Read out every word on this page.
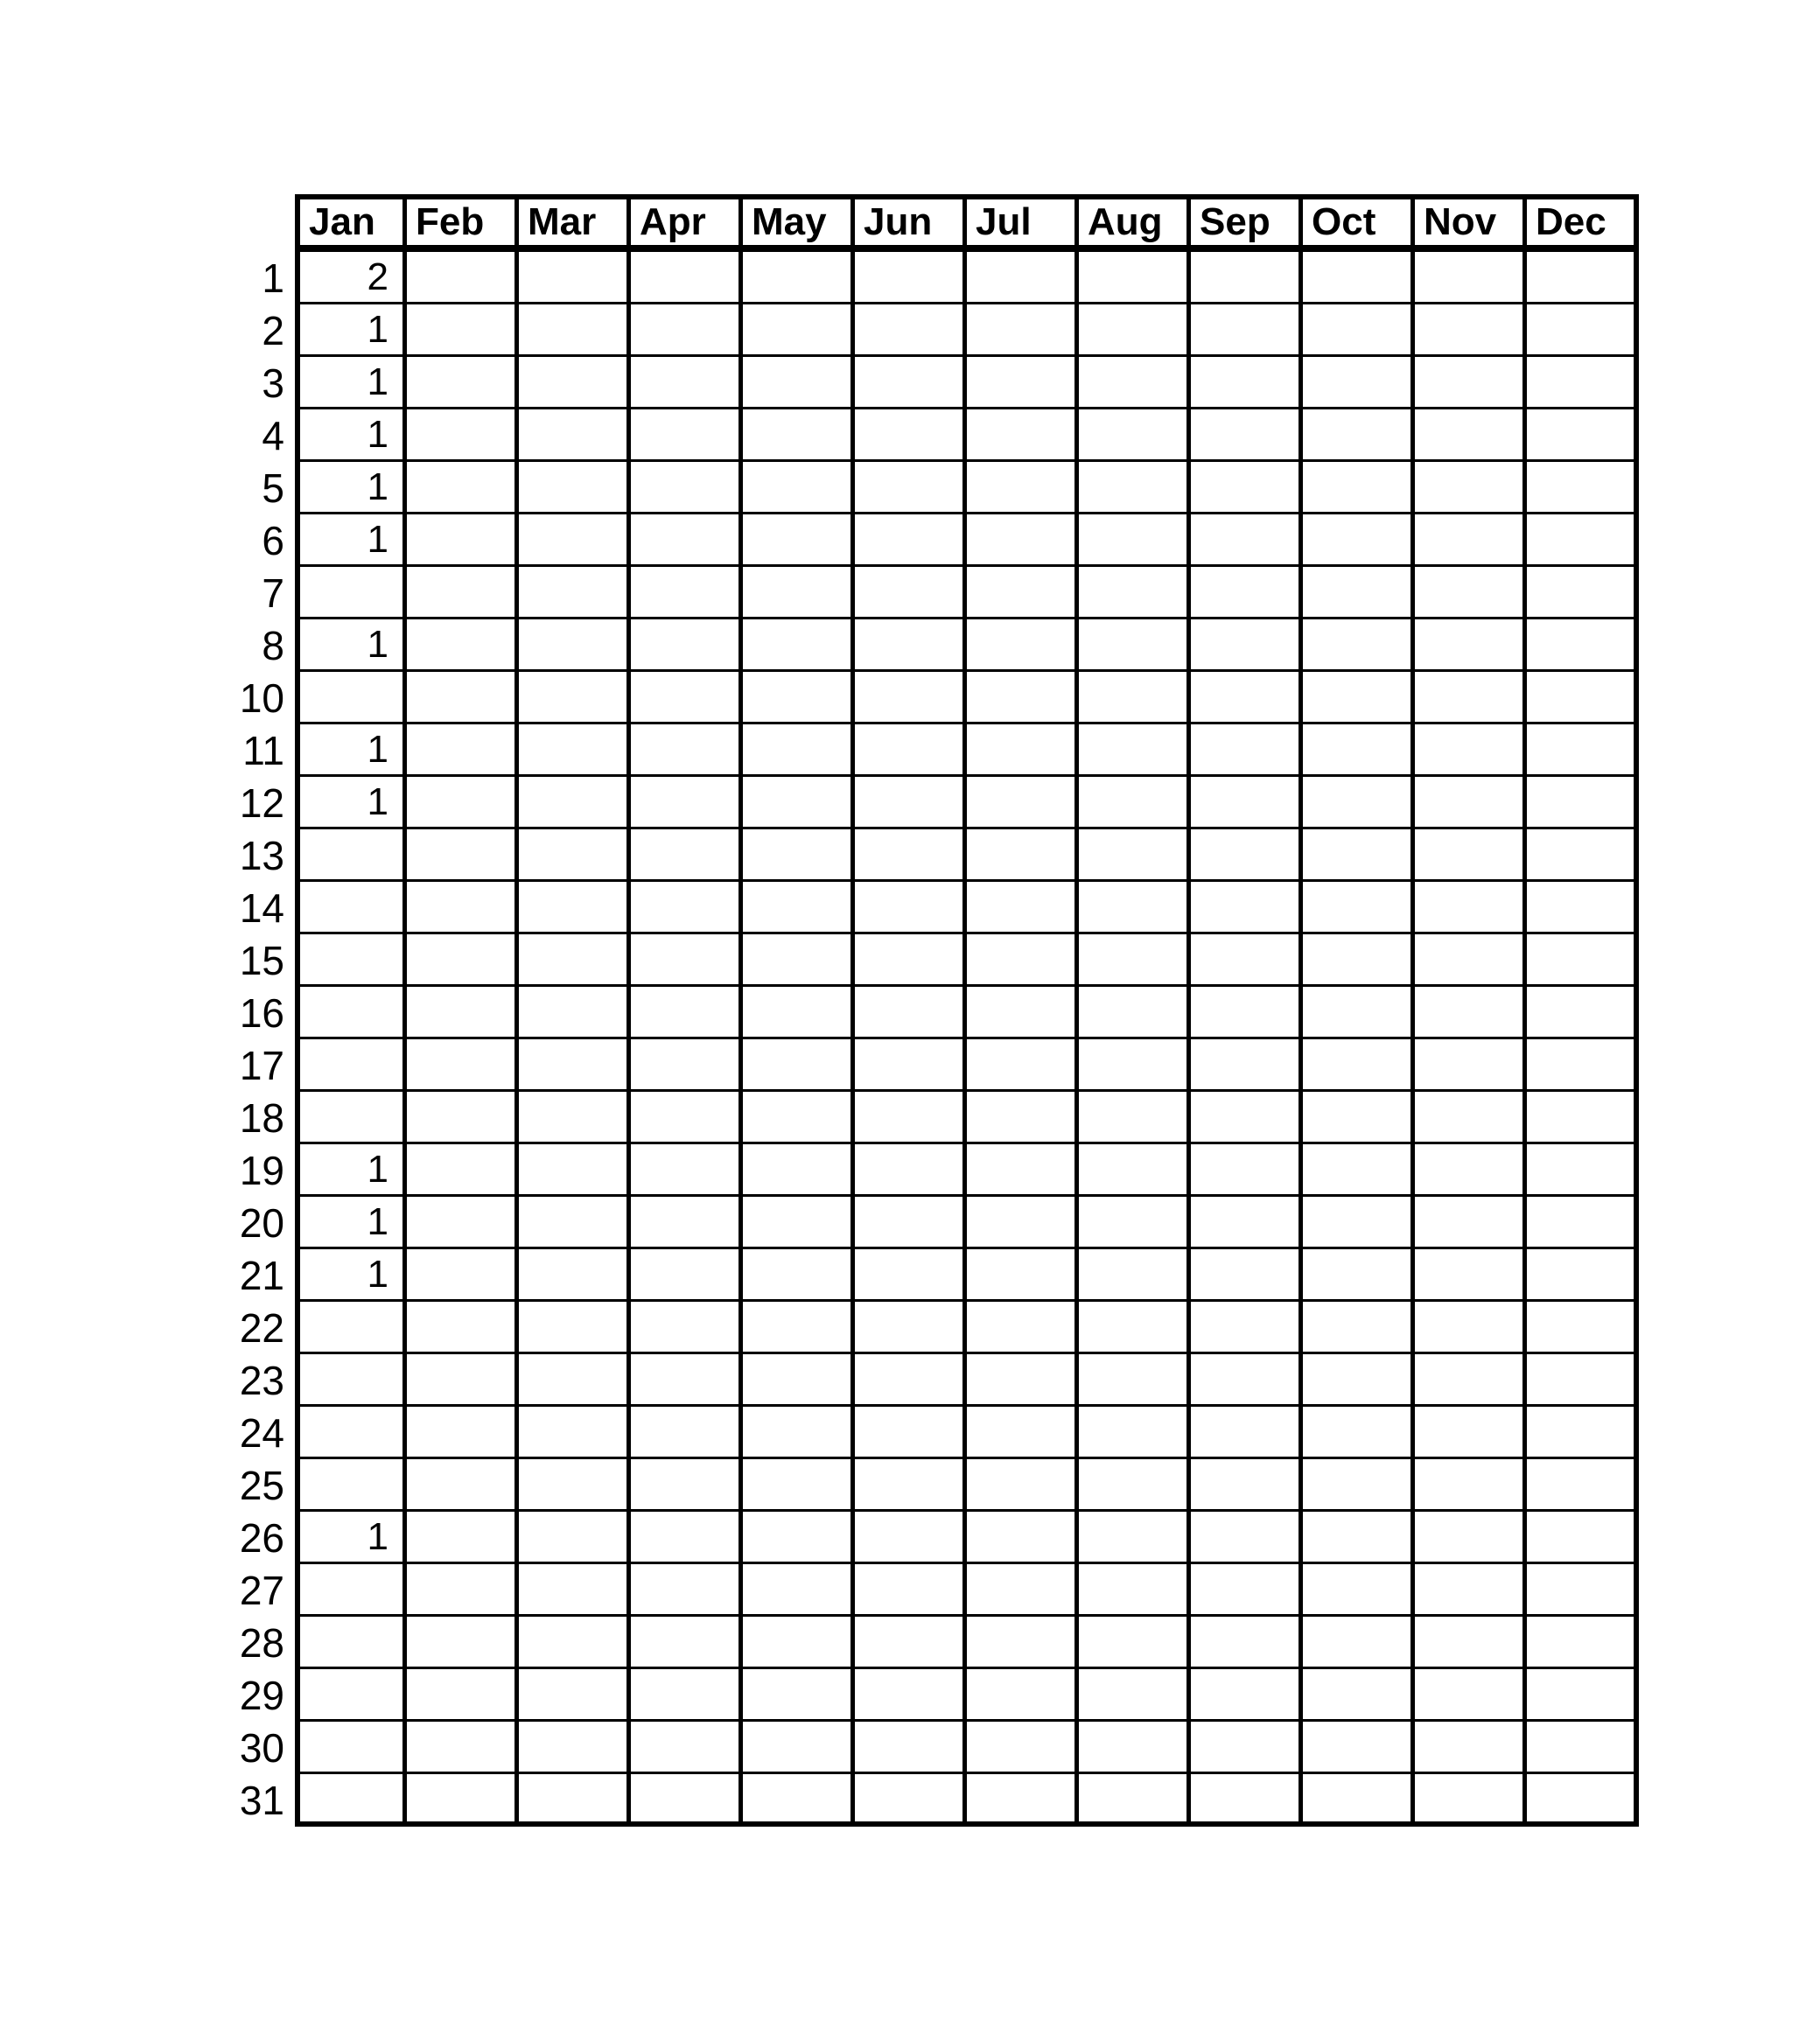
Jan	Feb	Mar	Apr	May Jun	Jul	Aug Sep	Oct	Nov	Dec
1	2
2	1
3	1
4	1
5	1
6	1
7
8	1
10
11	1
12	1
13
14
15
16
17
18
19	1
20	1
21	1
22
23
24
25
26	1
27
28
29
30
31
